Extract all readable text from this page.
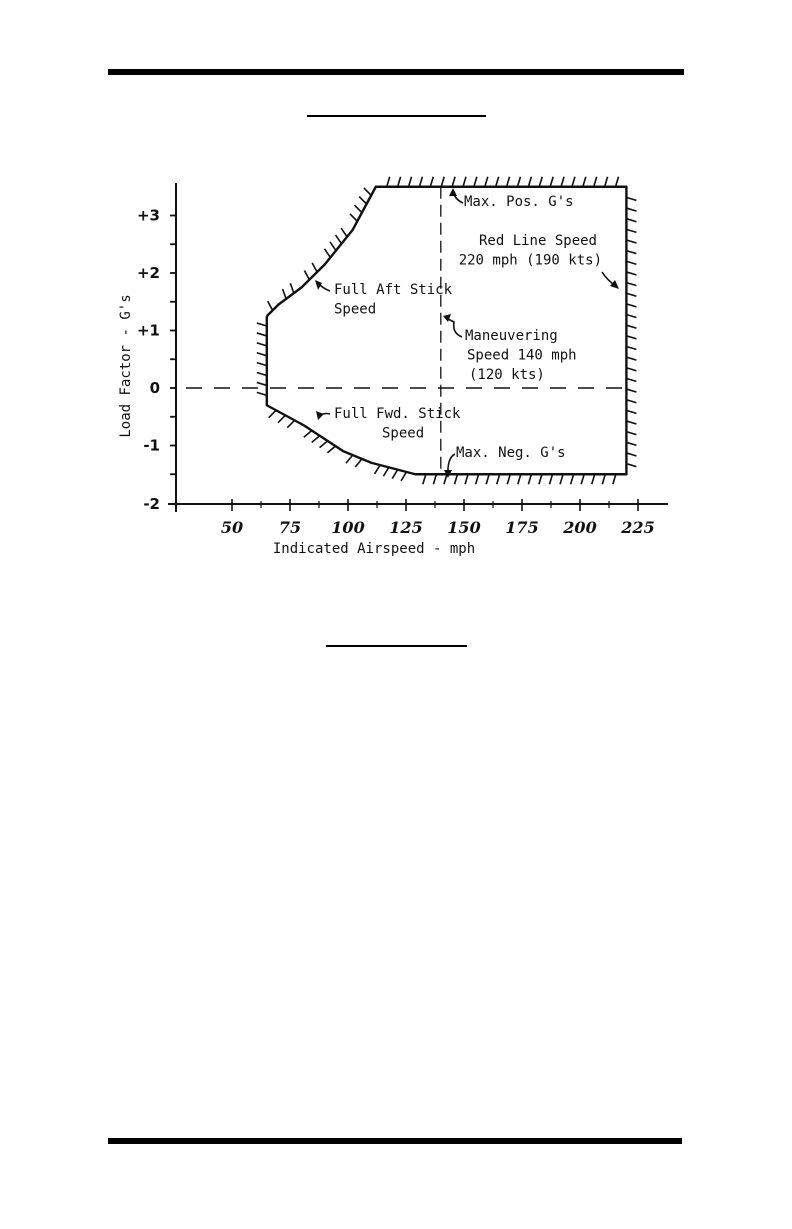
+3
+2
+1
0
-1
-2
50 75 100 125 150 175 200 225
Indicated Airspeed - mph
Load Factor - G's
Max. Pos. G's
Red Line Speed
220 mph (190 kts)
Full Aft Stick
Speed
Maneuvering
Speed 140 mph
(120 kts)
Full Fwd. Stick
Speed
Max. Neg. G's
